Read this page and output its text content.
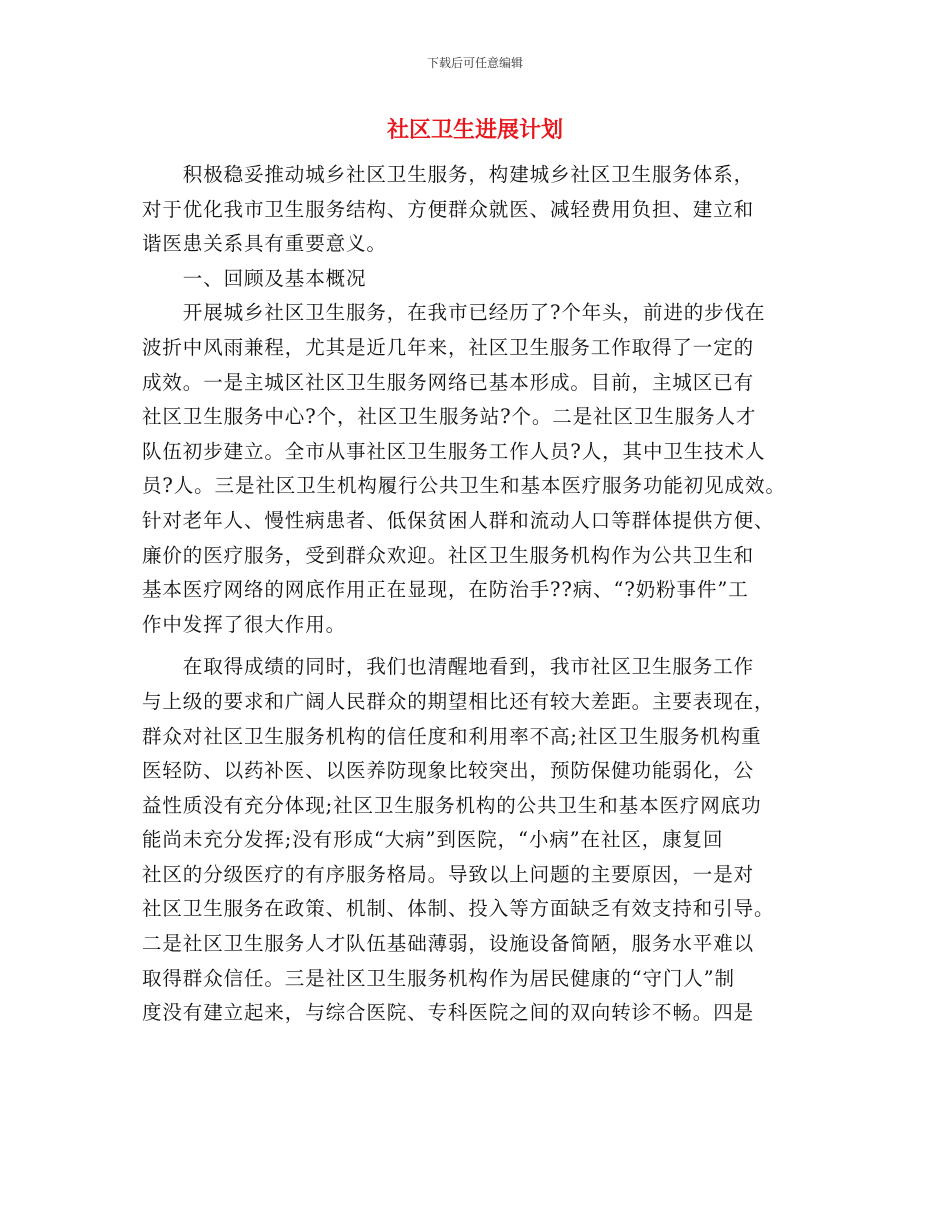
下载后可任意编辑
社区卫生进展计划
　　积极稳妥推动城乡社区卫生服务，构建城乡社区卫生服务体系，
对于优化我市卫生服务结构、方便群众就医、减轻费用负担、建立和
谐医患关系具有重要意义。
　　一、回顾及基本概况
　　开展城乡社区卫生服务，在我市已经历了?个年头，前进的步伐在
波折中风雨兼程，尤其是近几年来，社区卫生服务工作取得了一定的
成效。一是主城区社区卫生服务网络已基本形成。目前，主城区已有
社区卫生服务中心?个，社区卫生服务站?个。二是社区卫生服务人才
队伍初步建立。全市从事社区卫生服务工作人员?人，其中卫生技术人
员?人。三是社区卫生机构履行公共卫生和基本医疗服务功能初见成效。
针对老年人、慢性病患者、低保贫困人群和流动人口等群体提供方便、
廉价的医疗服务，受到群众欢迎。社区卫生服务机构作为公共卫生和
基本医疗网络的网底作用正在显现，在防治手??病、“?奶粉事件”工
作中发挥了很大作用。
　　在取得成绩的同时，我们也清醒地看到，我市社区卫生服务工作
与上级的要求和广阔人民群众的期望相比还有较大差距。主要表现在，
群众对社区卫生服务机构的信任度和利用率不高;社区卫生服务机构重
医轻防、以药补医、以医养防现象比较突出，预防保健功能弱化，公
益性质没有充分体现;社区卫生服务机构的公共卫生和基本医疗网底功
能尚未充分发挥;没有形成“大病”到医院，“小病”在社区，康复回
社区的分级医疗的有序服务格局。导致以上问题的主要原因，一是对
社区卫生服务在政策、机制、体制、投入等方面缺乏有效支持和引导。
二是社区卫生服务人才队伍基础薄弱，设施设备简陋，服务水平难以
取得群众信任。三是社区卫生服务机构作为居民健康的“守门人”制
度没有建立起来，与综合医院、专科医院之间的双向转诊不畅。四是
